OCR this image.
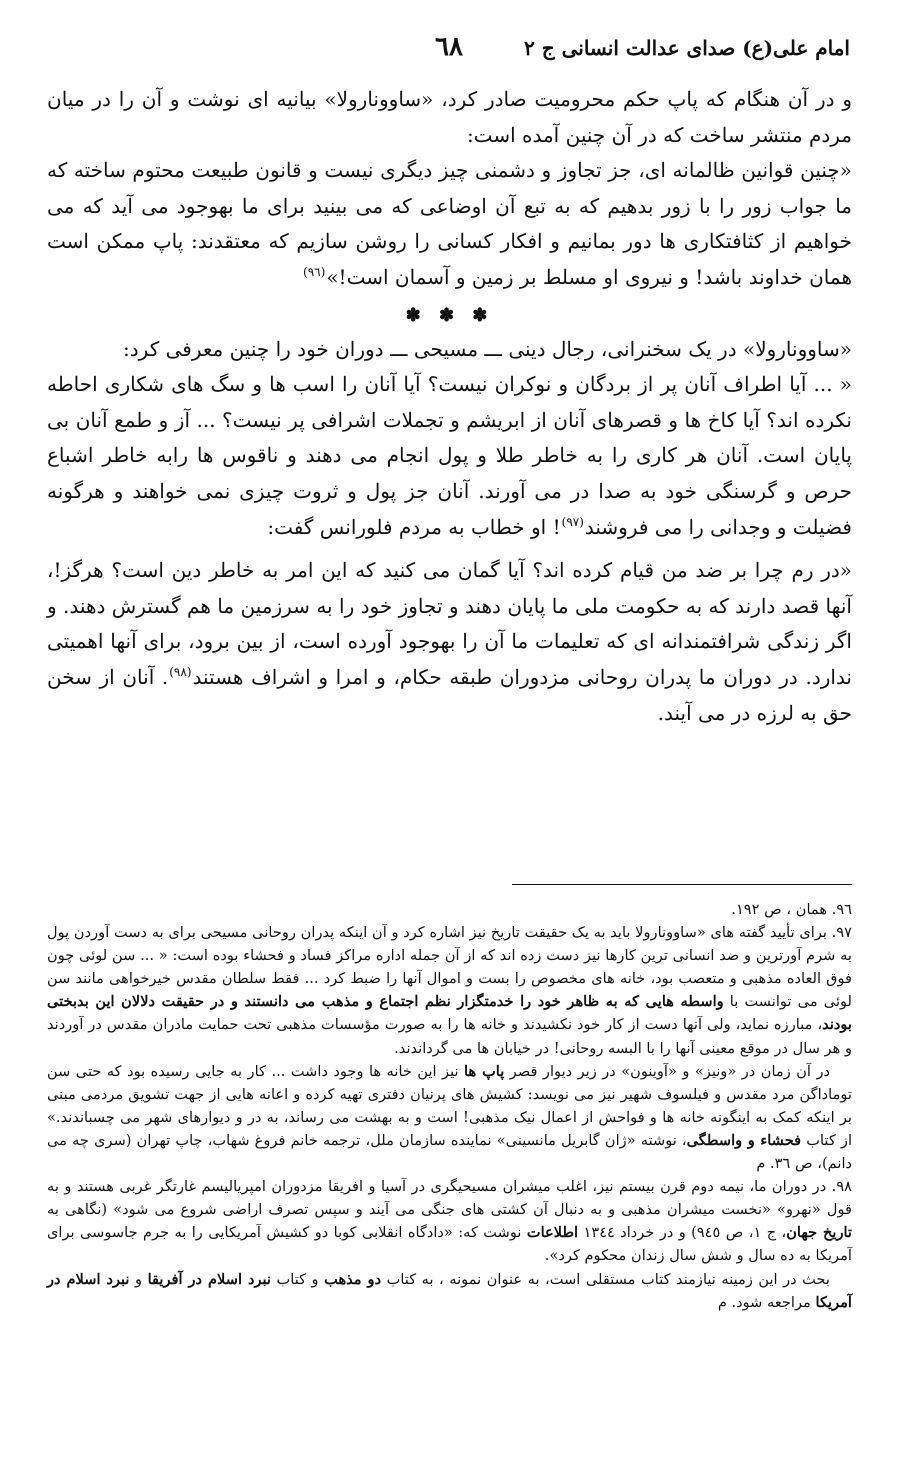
امام علی(ع) صدای عدالت انسانی ج ۲
٦٨

و در آن هنگام که پاپ حکم محرومیت صادر کرد، «ساوونارولا» بیانیه ای نوشت و آن را در میان مردم منتشر ساخت که در آن چنین آمده است:

«چنین قوانین ظالمانه ای، جز تجاوز و دشمنی چیز دیگری نیست و قانون طبیعت محتوم ساخته که ما جواب زور را با زور بدهیم که به تبع آن اوضاعی که می بینید برای ما بهوجود می آید که می خواهیم از کثافتکاری ها دور بمانیم و افکار کسانی را روشن سازیم که معتقدند: پاپ ممکن است همان خداوند باشد! و نیروی او مسلط بر زمین و آسمان است!»$^{(٩٦)}$

✽ ✽ ✽

«ساوونارولا» در یک سخنرانی، رجال دینی ـــ مسیحی ـــ دوران خود را چنین معرفی کرد:

« ... آیا اطراف آنان پر از بردگان و نوکران نیست؟ آیا آنان را اسب ها و سگ های شکاری احاطه نکرده اند؟ آیا کاخ ها و قصرهای آنان از ابریشم و تجملات اشرافی پر نیست؟ ... آز و طمع آنان بی پایان است. آنان هر کاری را به خاطر طلا و پول انجام می دهند و ناقوس ها رابه خاطر اشباع حرص و گرسنگی خود به صدا در می آورند. آنان جز پول و ثروت چیزی نمی خواهند و هرگونه فضیلت و وجدانی را می فروشند$^{(٩٧)}$! او خطاب به مردم فلورانس گفت:

«در رم چرا بر ضد من قیام کرده اند؟ آیا گمان می کنید که این امر به خاطر دین است؟ هرگز!، آنها قصد دارند که به حکومت ملی ما پایان دهند و تجاوز خود را به سرزمین ما هم گسترش دهند. و اگر زندگی شرافتمندانه ای که تعلیمات ما آن را بهوجود آورده است، از بین برود، برای آنها اهمیتی ندارد. در دوران ما پدران روحانی مزدوران طبقه حکام، و امرا و اشراف هستند$^{(٩٨)}$. آنان از سخن حق به لرزه در می آیند.

٩٦. همان ، ص ١٩٢.

٩٧. برای تأیید گفته های «ساوونارولا باید به یک حقیقت تاریخ نیز اشاره کرد و آن اینکه پدران روحانی مسیحی برای به دست آوردن پول به شرم آورترین و ضد انسانی ترین کارها نیز دست زده اند که از آن جمله اداره مراکز فساد و فحشاء بوده است: « ... سن لوئی چون فوق العاده مذهبی و متعصب بود، خانه های مخصوص را بست و اموال آنها را ضبط کرد ... فقط سلطان مقدس خیرخواهی مانند سن لوئی می توانست با واسطه هایی که به ظاهر خود را خدمتگزار نظم اجتماع و مذهب می دانستند و در حقیقت دلالان این بدبختی بودند، مبارزه نماید، ولی آنها دست از کار خود نکشیدند و خانه ها را به صورت مؤسسات مذهبی تحت حمایت مادران مقدس در آوردند و هر سال در موقع معینی آنها را با البسه روحانی! در خیابان ها می گرداندند.

در آن زمان در «ونیز» و «آوینون» در زیر دیوار قصر پاپ ها نیز این خانه ها وجود داشت ... کار به جایی رسیده بود که حتی سن توماداگن مرد مقدس و فیلسوف شهیر نیز می نویسد: کشیش های پرنیان دفتری تهیه کرده و اعانه هایی از جهت تشویق مردمی مبنی بر اینکه کمک به اینگونه خانه ها و فواحش از اعمال نیک مذهبی! است و به بهشت می رساند، به در و دیوارهای شهر می چسباندند.» از کتاب فحشاء و واسطگی، نوشته «ژان گابریل مانسینی» نماینده سازمان ملل، ترجمه خانم فروغ شهاب، چاپ تهران (سری چه می دانم)، ص ٣٦. م

٩٨. در دوران ما، نیمه دوم قرن بیستم نیز، اغلب میشران مسیحیگری در آسیا و افریقا مزدوران امپریالیسم غارتگر غربی هستند و به قول «نهرو» «نخست میشران مذهبی و به دنبال آن کشتی های جنگی می آیند و سپس تصرف اراضی شروع می شود» (نگاهی به تاریخ جهان، ج ١، ص ٩٤٥) و در خرداد ١٣٤٤ اطلاعات نوشت که: «دادگاه انقلابی کوبا دو کشیش آمریکایی را به جرم جاسوسی برای آمریکا به ده سال و شش سال زندان محکوم کرد».

بحث در این زمینه نیازمند کتاب مستقلی است، به عنوان نمونه ، به کتاب دو مذهب و کتاب نبرد اسلام در آفریقا و نبرد اسلام در آمریکا مراجعه شود. م
